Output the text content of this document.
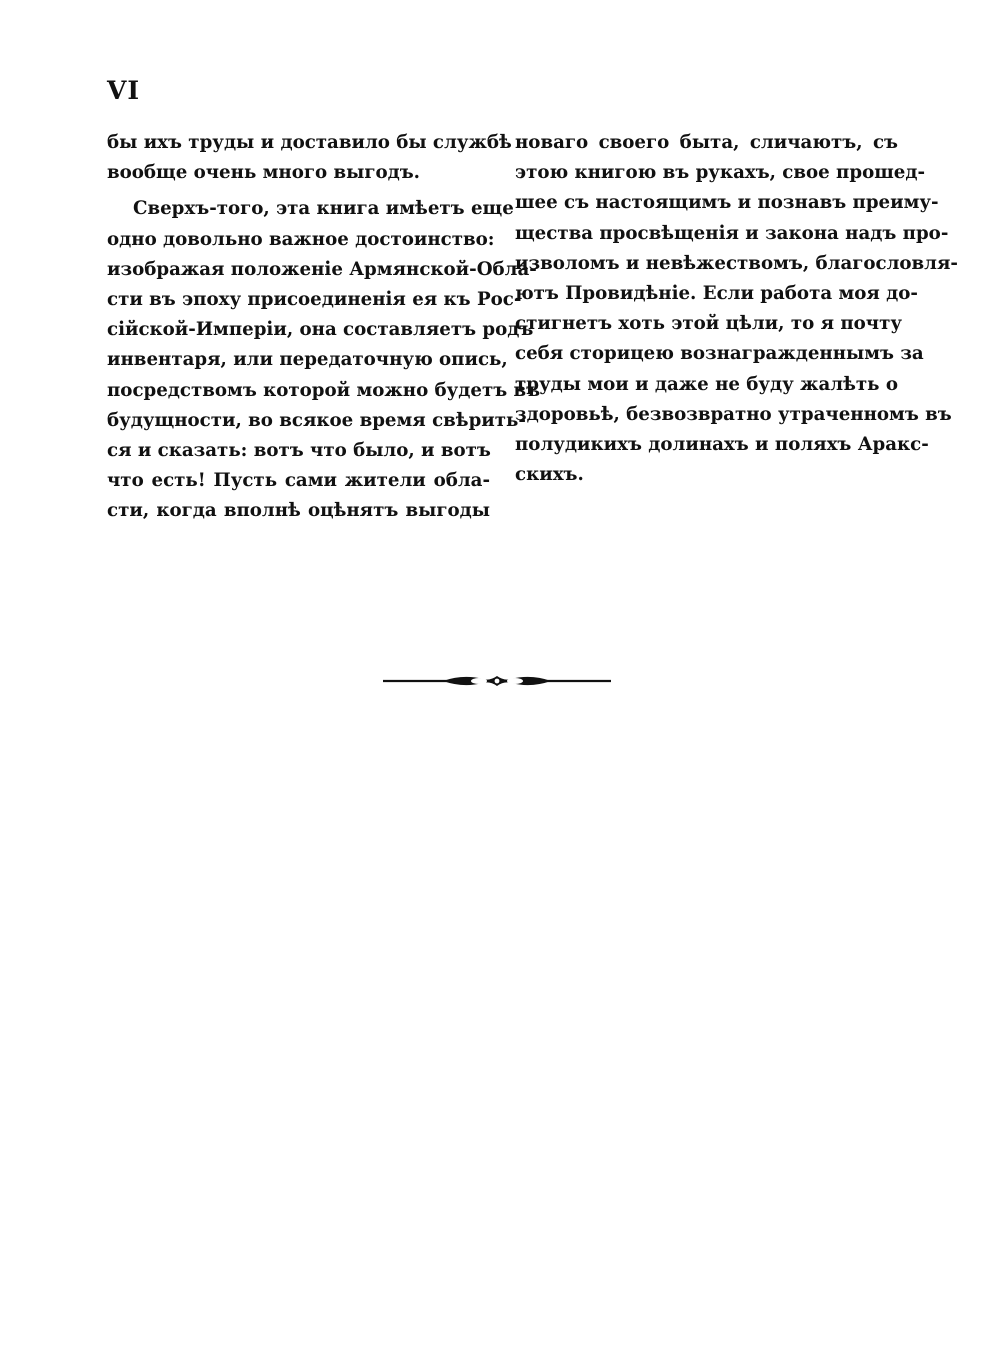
VI
бы ихъ труды и доставило бы службѣ
вообще очень много выгодъ.
Сверхъ-того, эта книга имѣетъ еще
одно довольно важное достоинство:
изображая положеніе Армянской-Обла-
сти въ эпоху присоединенія ея къ Рос-
сійской-Имперіи, она составляетъ родъ
инвентаря, или передаточную опись,
посредствомъ которой можно будетъ въ
будущности, во всякое время свѣрить-
ся и сказать: вотъ что было, и вотъ
что есть! Пусть сами жители обла-
сти, когда вполнѣ оцѣнятъ выгоды
новаго своего быта, сличаютъ, съ
этою книгою въ рукахъ, свое прошед-
шее съ настоящимъ и познавъ преиму-
щества просвѣщенія и закона надъ про-
изволомъ и невѣжествомъ, благословля-
ютъ Провидѣніе. Если работа моя до-
стигнетъ хоть этой цѣли, то я почту
себя сторицею вознагражденнымъ за
труды мои и даже не буду жалѣть о
здоровьѣ, безвозвратно утраченномъ въ
полудикихъ долинахъ и поляхъ Аракс-
скихъ.
